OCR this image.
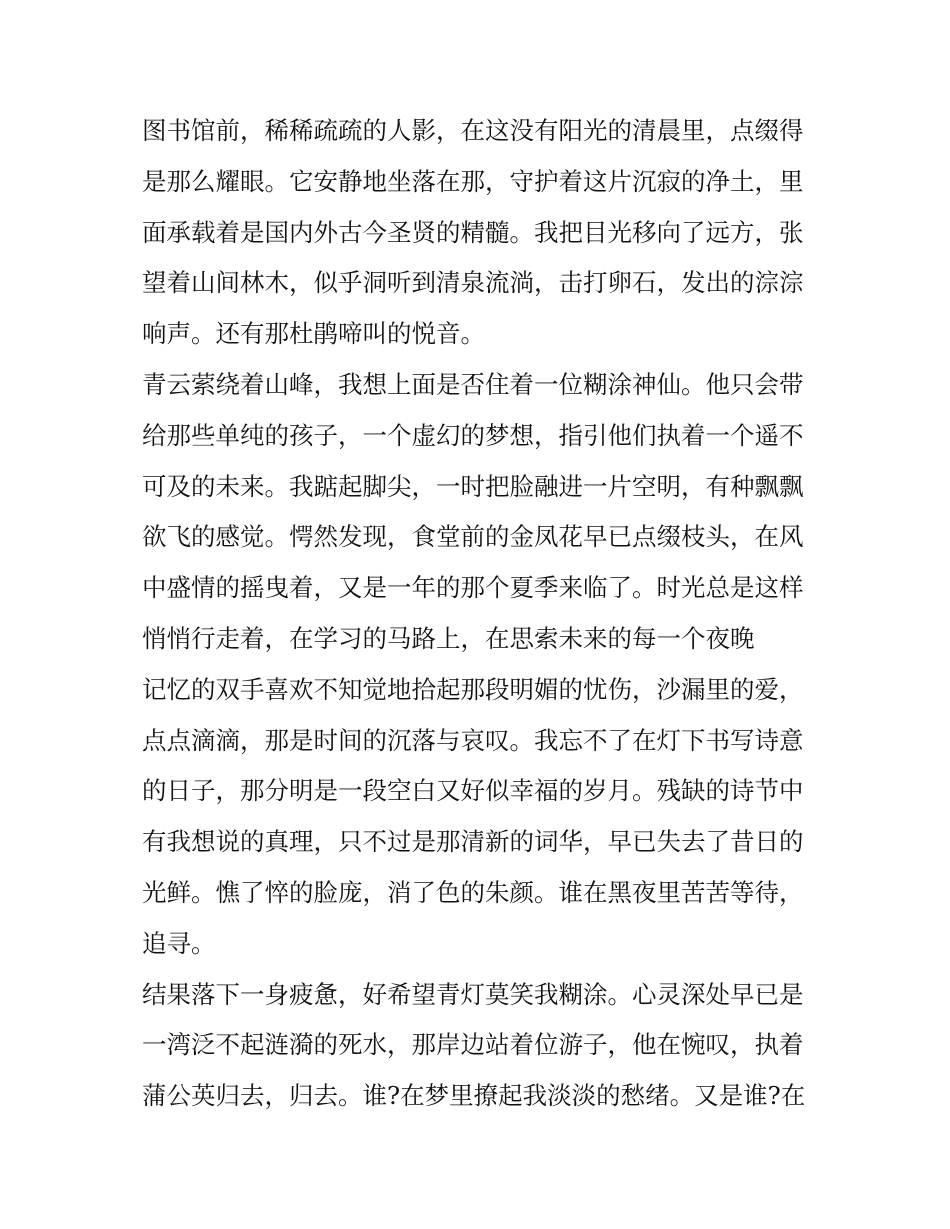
图书馆前，稀稀疏疏的人影，在这没有阳光的清晨里，点缀得
是那么耀眼。它安静地坐落在那，守护着这片沉寂的净土，里
面承载着是国内外古今圣贤的精髓。我把目光移向了远方，张
望着山间林木，似乎洞听到清泉流淌，击打卵石，发出的淙淙
响声。还有那杜鹃啼叫的悦音。
青云萦绕着山峰，我想上面是否住着一位糊涂神仙。他只会带
给那些单纯的孩子，一个虚幻的梦想，指引他们执着一个遥不
可及的未来。我踮起脚尖，一时把脸融进一片空明，有种飘飘
欲飞的感觉。愕然发现，食堂前的金凤花早已点缀枝头，在风
中盛情的摇曳着，又是一年的那个夏季来临了。时光总是这样
悄悄行走着，在学习的马路上，在思索未来的每一个夜晚
记忆的双手喜欢不知觉地拾起那段明媚的忧伤，沙漏里的爱，
点点滴滴，那是时间的沉落与哀叹。我忘不了在灯下书写诗意
的日子，那分明是一段空白又好似幸福的岁月。残缺的诗节中
有我想说的真理，只不过是那清新的词华，早已失去了昔日的
光鲜。憔了悴的脸庞，消了色的朱颜。谁在黑夜里苦苦等待，
追寻。
结果落下一身疲惫，好希望青灯莫笑我糊涂。心灵深处早已是
一湾泛不起涟漪的死水，那岸边站着位游子，他在惋叹，执着
蒲公英归去，归去。谁?在梦里撩起我淡淡的愁绪。又是谁?在
